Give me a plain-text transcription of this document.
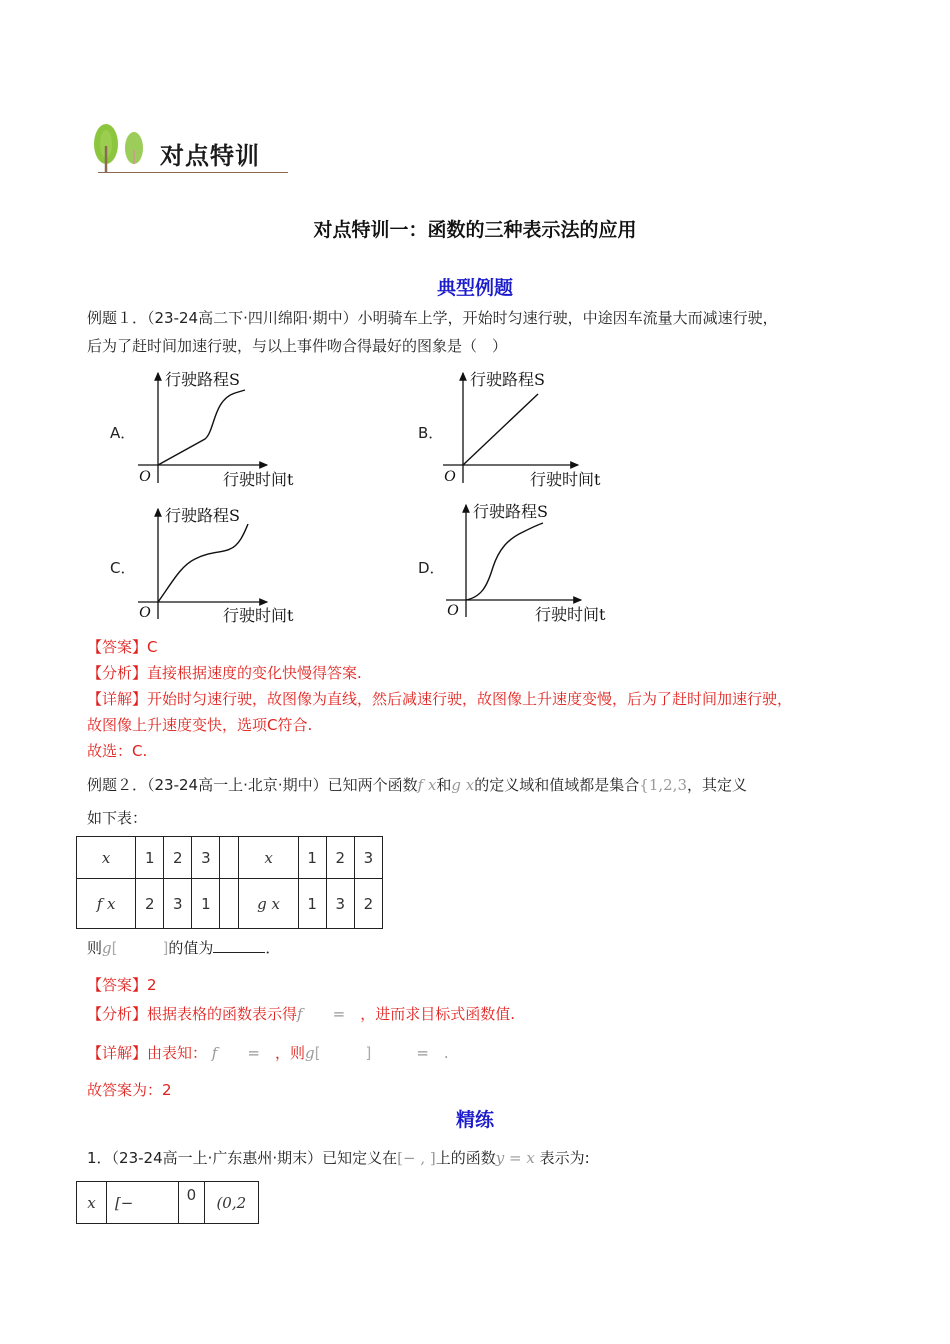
对点特训
对点特训一：函数的三种表示法的应用
典型例题
例题１．（23-24高二下·四川绵阳·期中）小明骑车上学，开始时匀速行驶，中途因车流量大而减速行驶，
后为了赶时间加速行驶，与以上事件吻合得最好的图象是（　）
A．
O
行驶路程S
行驶时间t
B．
O
行驶路程S
行驶时间t
C．
O
行驶路程S
行驶时间t
D．
O
行驶路程S
行驶时间t
【答案】C
【分析】直接根据速度的变化快慢得答案.
【详解】开始时匀速行驶，故图像为直线，然后减速行驶，故图像上升速度变慢，后为了赶时间加速行驶，
故图像上升速度变快，选项C符合.
故选：C.
例题２．（23-24高一上·北京·期中）已知两个函数f x和g x的定义域和值域都是集合{1,2,3，其定义
如下表：
x	1	2	3		x	1	2	3
f x	2	3	1		g x	1	3	2
则g[　　　]的值为	．
【答案】2
【分析】根据表格的函数表示得f　　 =　 ，进而求目标式函数值.
【详解】由表知： f　　 =　 ，则g[　　　]　　　	=　 .
故答案为：2
精练
1．（23-24高一上·广东惠州·期末）已知定义在[− , ]上的函数y = x 表示为:
x	[−	0	(0,2
